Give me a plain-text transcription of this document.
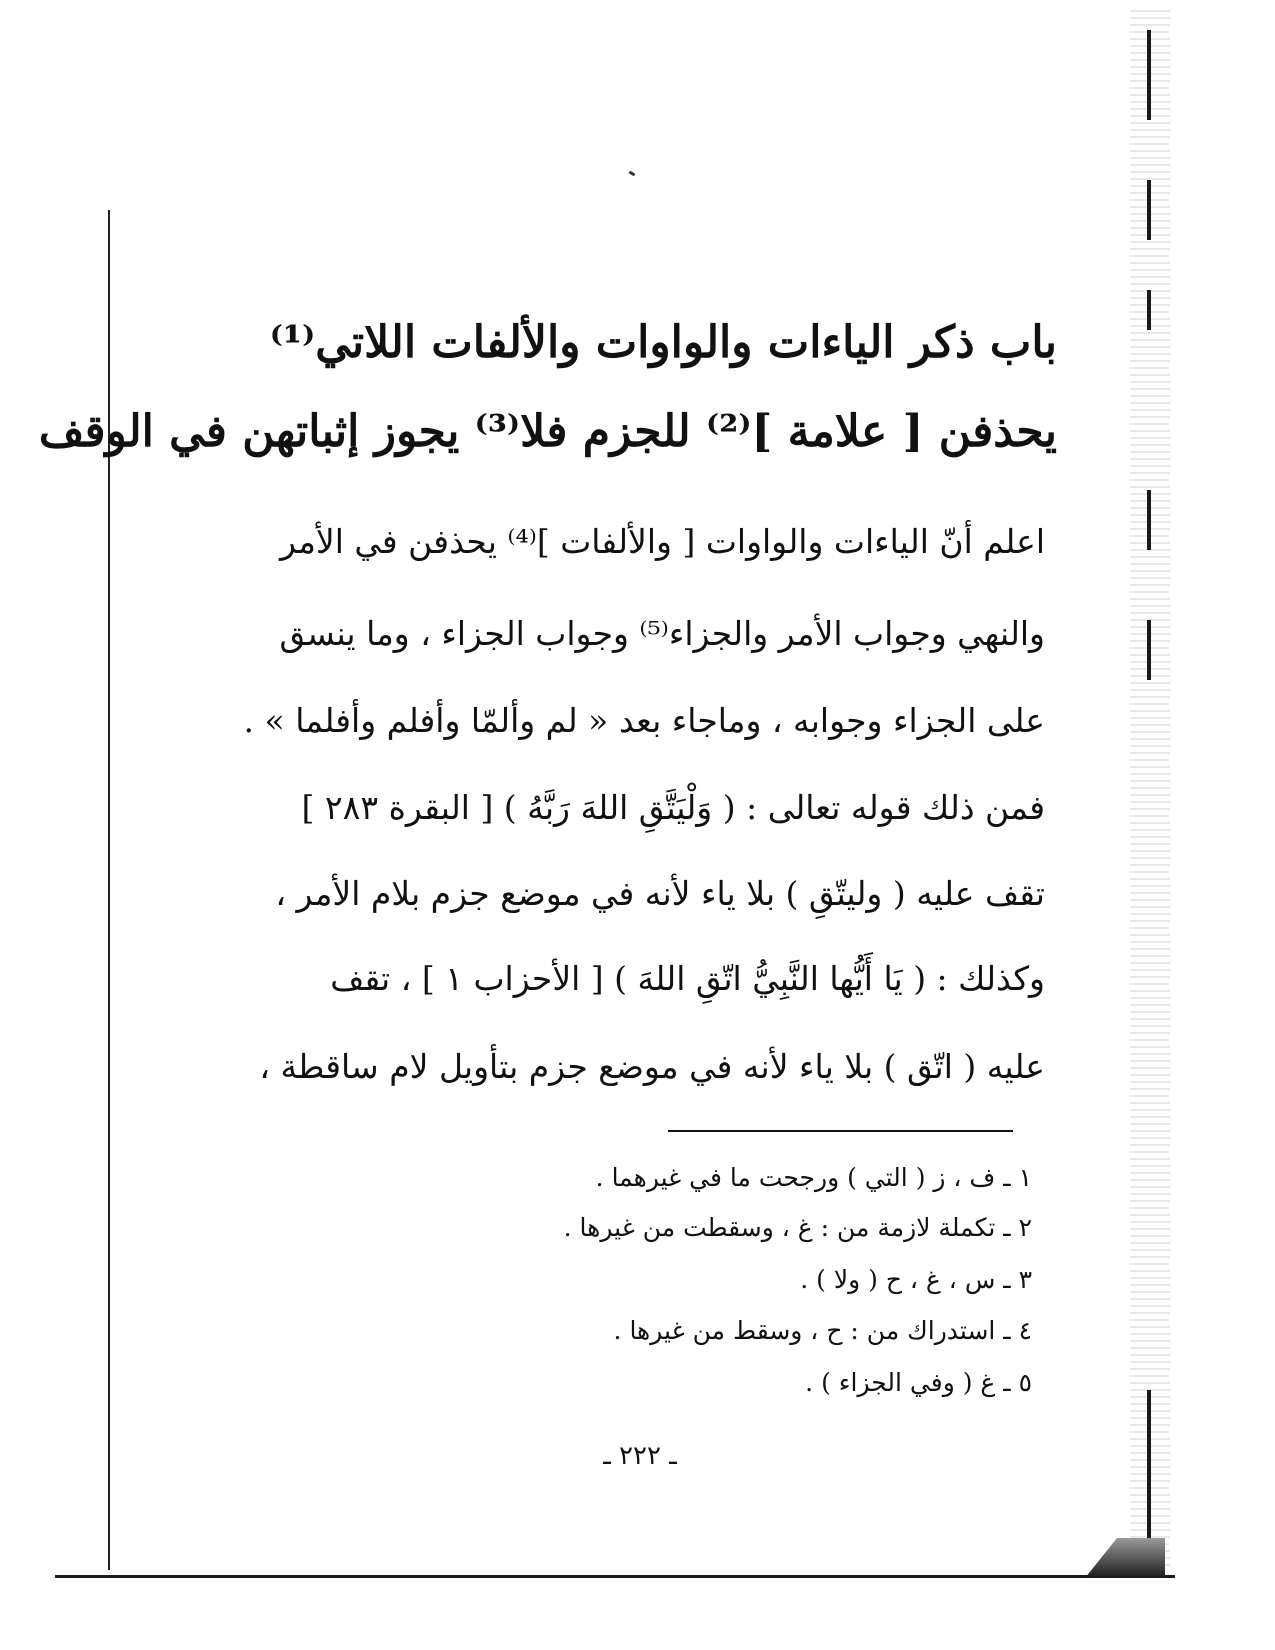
باب ذكر الياءات والواوات والألفات اللاتي⁽¹⁾
يحذفن [ علامة ]⁽²⁾ للجزم فلا⁽³⁾ يجوز إثباتهن في الوقف
اعلم أنّ الياءات والواوات [ والألفات ]⁽⁴⁾ يحذفن في الأمر
والنهي وجواب الأمر والجزاء⁽⁵⁾ وجواب الجزاء ، وما ينسق
على الجزاء وجوابه ، وماجاء بعد « لم وألمّا وأفلم وأفلما » .
فمن ذلك قوله تعالى : ( وَلْيَتَّقِ اللهَ رَبَّهُ ) [ البقرة ٢٨٣ ]
تقف عليه ( وليتّقِ ) بلا ياء لأنه في موضع جزم بلام الأمر ،
وكذلك : ( يَا أَيُّها النَّبِيُّ اتّقِ اللهَ ) [ الأحزاب ١ ] ، تقف
عليه ( اتّق ) بلا ياء لأنه في موضع جزم بتأويل لام ساقطة ،
١ ـ ف ، ز ( التي ) ورجحت ما في غيرهما .
٢ ـ تكملة لازمة من : غ ، وسقطت من غيرها .
٣ ـ س ، غ ، ح ( ولا ) .
٤ ـ استدراك من : ح ، وسقط من غيرها .
٥ ـ غ ( وفي الجزاء ) .
ـ ٢٢٢ ـ
